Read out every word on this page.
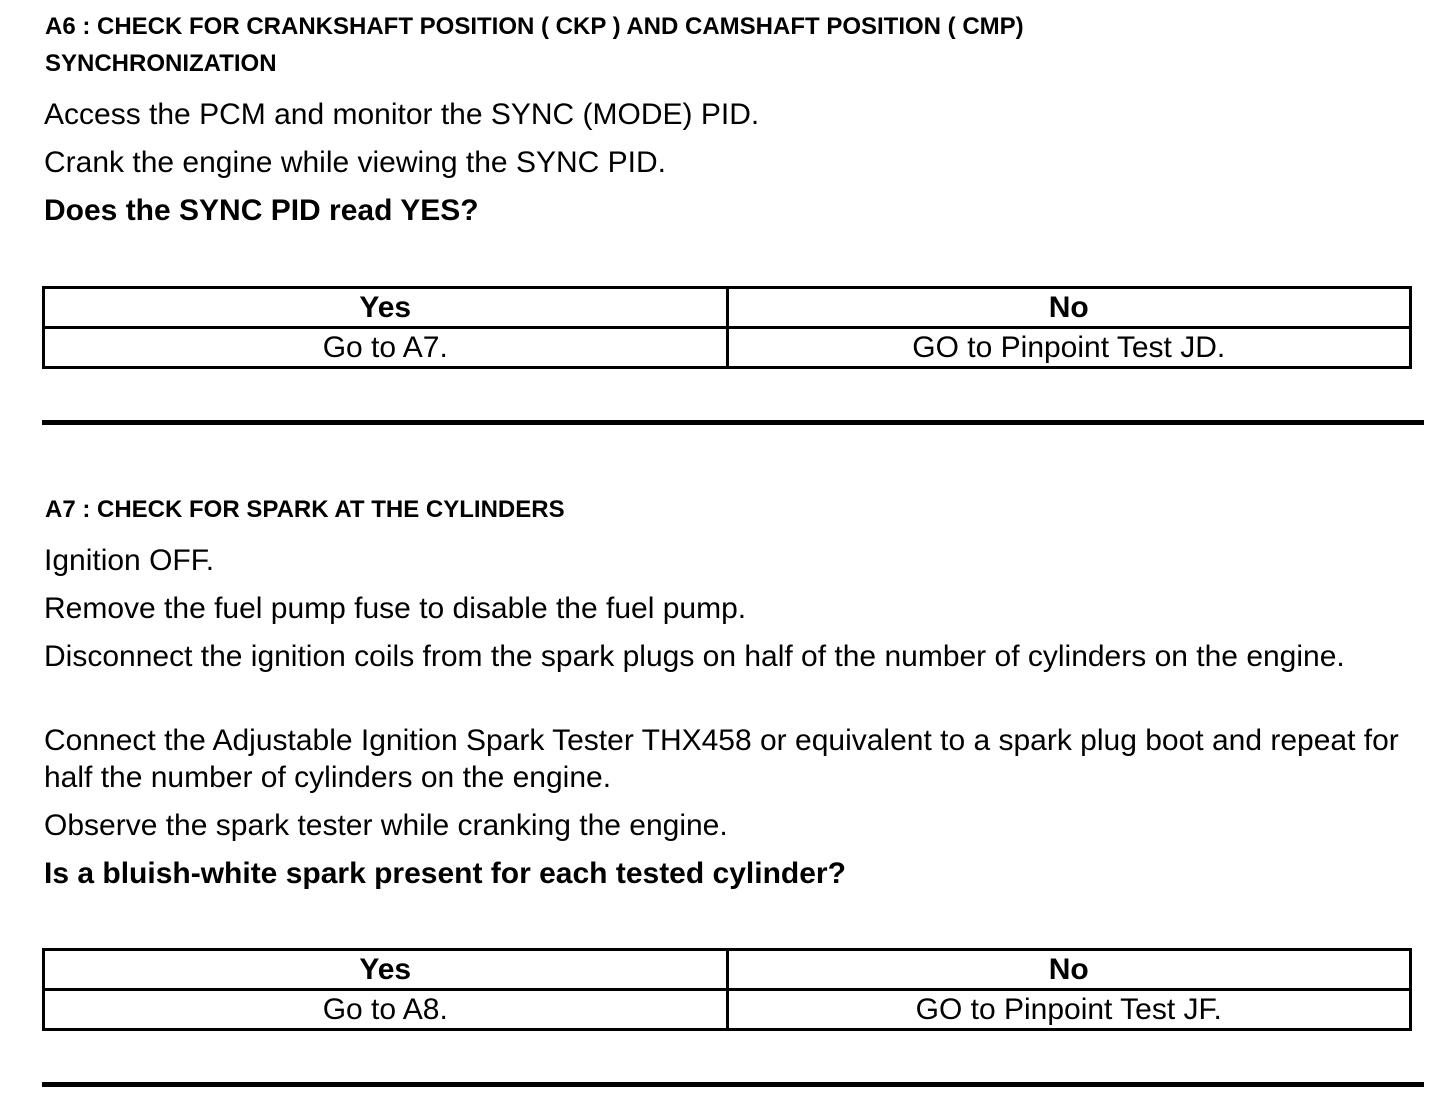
A6 : CHECK FOR CRANKSHAFT POSITION ( CKP ) AND CAMSHAFT POSITION ( CMP)
SYNCHRONIZATION

Access the PCM and monitor the SYNC (MODE) PID.

Crank the engine while viewing the SYNC PID.

Does the SYNC PID read YES?

Yes	No
Go to A7.	GO to Pinpoint Test JD.
A7 : CHECK FOR SPARK AT THE CYLINDERS

Ignition OFF.

Remove the fuel pump fuse to disable the fuel pump.

Disconnect the ignition coils from the spark plugs on half of the number of cylinders on the engine.

Connect the Adjustable Ignition Spark Tester THX458 or equivalent to a spark plug boot and repeat for half the number of cylinders on the engine.

Observe the spark tester while cranking the engine.

Is a bluish-white spark present for each tested cylinder?

Yes	No
Go to A8.	GO to Pinpoint Test JF.
